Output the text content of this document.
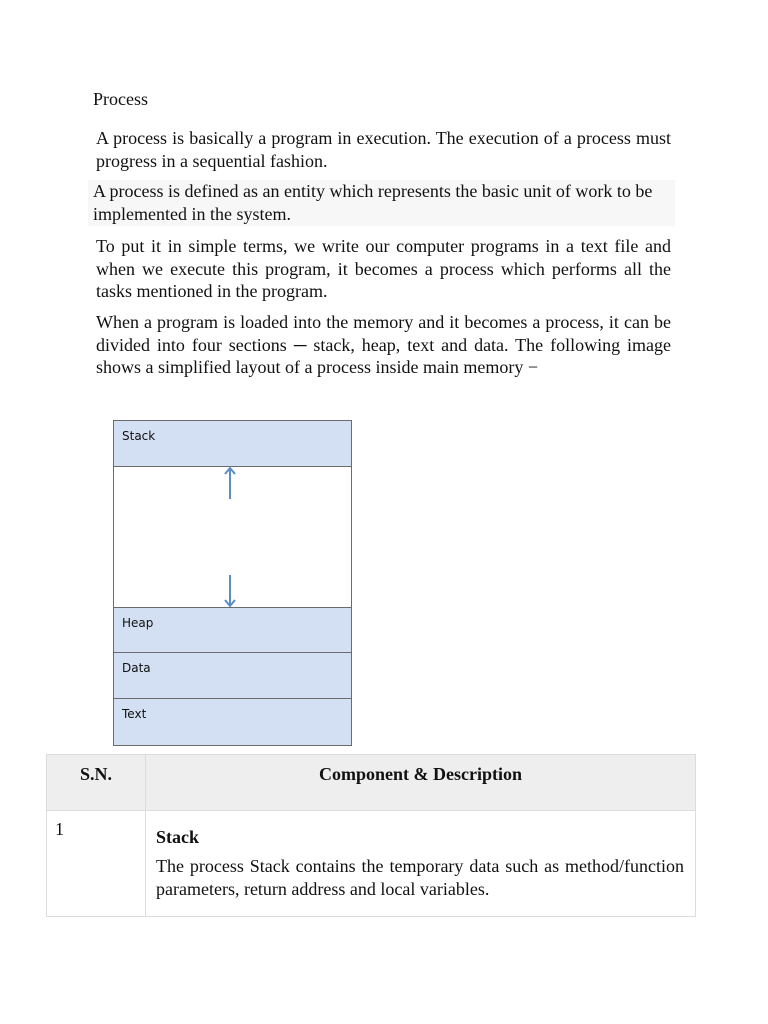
Process

A process is basically a program in execution. The execution of a process must progress in a sequential fashion.

A process is defined as an entity which represents the basic unit of work to be implemented in the system.

To put it in simple terms, we write our computer programs in a text file and when we execute this program, it becomes a process which performs all the tasks mentioned in the program.

When a program is loaded into the memory and it becomes a process, it can be divided into four sections ─ stack, heap, text and data. The following image shows a simplified layout of a process inside main memory −

Stack
Heap
Data
Text
S.N.	Component & Description
1	Stack

The process Stack contains the temporary data such as method/function parameters, return address and local variables.
